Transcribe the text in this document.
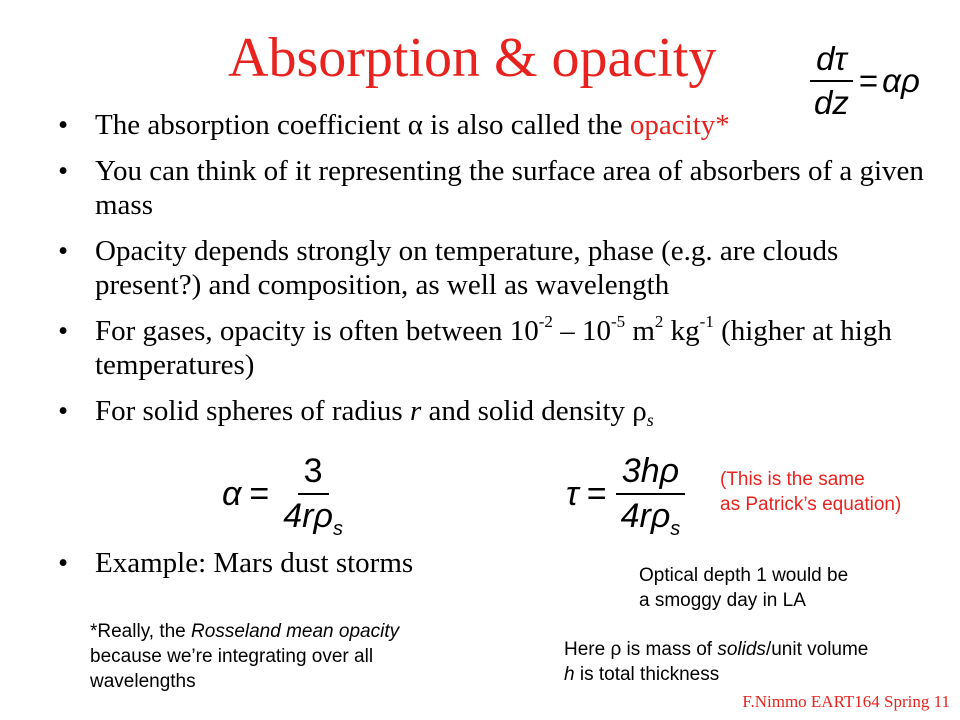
Absorption & opacity	$\frac{d\tau}{dz} = \alpha\rho$
• The absorption coefficient α is also called the opacity*
• You can think of it representing the surface area of absorbers of a given mass
• Opacity depends strongly on temperature, phase (e.g. are clouds present?) and composition, as well as wavelength
• For gases, opacity is often between $10^{-2} - 10^{-5}$ $m^2$ $kg^{-1}$ (higher at high temperatures)
• For solid spheres of radius r and solid density $\rho_s$
$\alpha = \frac{3}{4r\rho_s}$	$\tau = \frac{3h\rho}{4r\rho_s}$ (This is the same
as Patrick’s equation)
• Example: Mars dust storms	Optical depth 1 would be
a smoggy day in LA
*Really, the Rosseland mean opacity
because we’re integrating over all
wavelengths
Here ρ is mass of solids/unit volume
h is total thickness
F.Nimmo EART164 Spring 11
